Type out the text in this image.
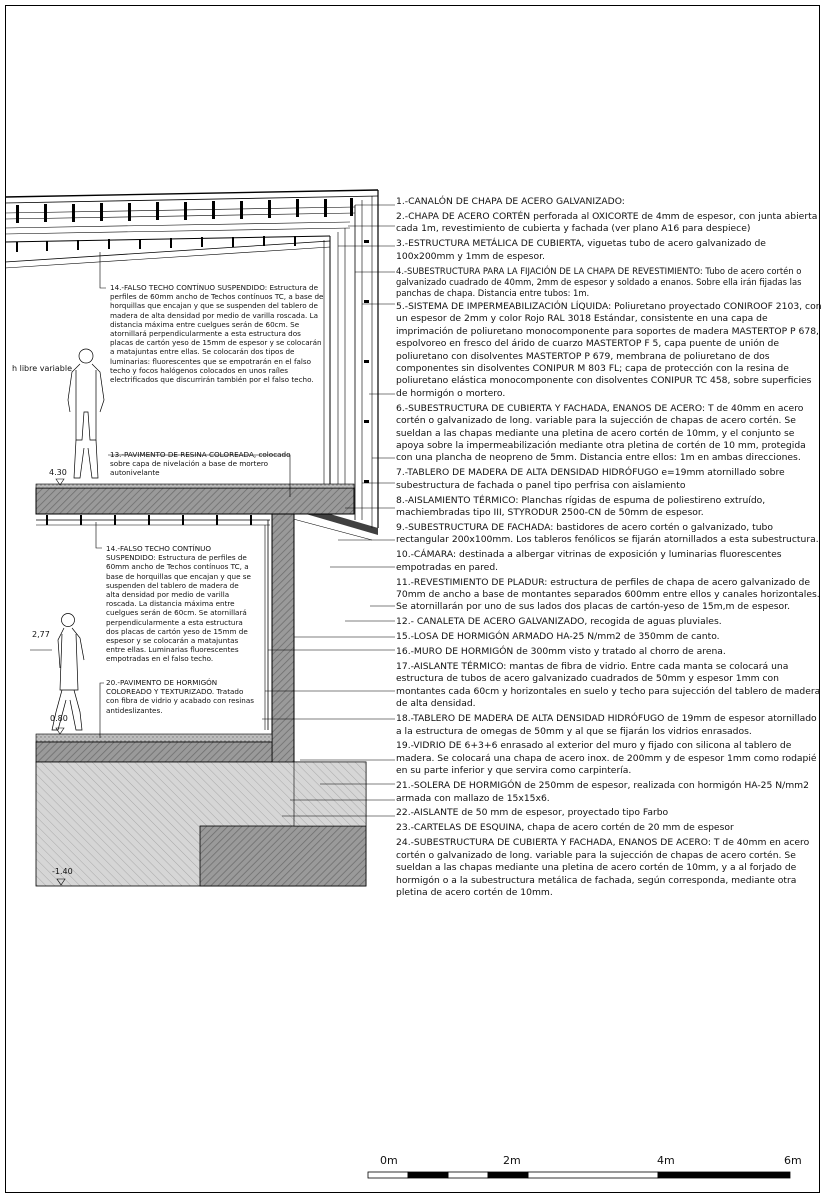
h libre variable
4.30
2,77
0.80
-1.40
14.-FALSO TECHO CONTÍNUO SUSPENDIDO: Estructura de perfiles de 60mm ancho de Techos contínuos TC, a base de horquillas que encajan y que se suspenden del tablero de madera de alta densidad por medio de varilla roscada. La distancia máxima entre cuelgues serán de 60cm. Se atornillará perpendicularmente a esta estructura dos placas de cartón yeso de 15mm de espesor y se colocarán a matajuntas entre ellas. Se colocarán dos tipos de luminarias: fluorescentes que se empotrarán en el falso techo y focos halógenos colocados en unos raíles electrificados que discurrirán también por el falso techo.
13.-PAVIMENTO DE RESINA COLOREADA, colocado sobre capa de nivelación a base de mortero autonivelante
14.-FALSO TECHO CONTÍNUO SUSPENDIDO: Estructura de perfiles de 60mm ancho de Techos contínuos TC, a base de horquillas que encajan y que se suspenden del tablero de madera de alta densidad por medio de varilla roscada. La distancia máxima entre cuelgues serán de 60cm. Se atornillará perpendicularmente a esta estructura dos placas de cartón yeso de 15mm de espesor y se colocarán a matajuntas entre ellas. Luminarias fluorescentes empotradas en el falso techo.
20.-PAVIMENTO DE HORMIGÓN COLOREADO Y TEXTURIZADO. Tratado con fibra de vidrio y acabado con resinas antideslizantes.
1.-CANALÓN DE CHAPA DE ACERO GALVANIZADO:
2.-CHAPA DE ACERO CORTÉN perforada al OXICORTE de 4mm de espesor, con junta abierta cada 1m, revestimiento de cubierta y fachada (ver plano A16 para despiece)
3.-ESTRUCTURA METÁLICA DE CUBIERTA, viguetas tubo de acero galvanizado de 100x200mm y 1mm de espesor.
4.-SUBESTRUCTURA PARA LA FIJACIÓN DE LA CHAPA DE REVESTIMIENTO: Tubo de acero cortén o galvanizado cuadrado de 40mm, 2mm de espesor y soldado a enanos. Sobre ella irán fijadas las panchas de chapa. Distancia entre tubos: 1m.
5.-SISTEMA DE IMPERMEABILIZACIÓN LÍQUIDA: Poliuretano proyectado CONIROOF 2103, con un espesor de 2mm y color Rojo RAL 3018 Estándar, consistente en una capa de imprimación de poliuretano monocomponente para soportes de madera MASTERTOP P 678, espolvoreo en fresco del árido de cuarzo MASTERTOP F 5, capa puente de unión de poliuretano con disolventes MASTERTOP P 679, membrana de poliuretano de dos componentes sin disolventes CONIPUR M 803 FL; capa de protección con la resina de poliuretano elástica monocomponente con disolventes CONIPUR TC 458, sobre superficies de hormigón o mortero.
6.-SUBESTRUCTURA DE CUBIERTA Y FACHADA, ENANOS DE ACERO: T de 40mm en acero cortén o galvanizado de long. variable para la sujección de chapas de acero cortén. Se sueldan a las chapas mediante una pletina de acero cortén de 10mm, y el conjunto se apoya sobre la impermeabilización mediante otra pletina de cortén de 10 mm, protegida con una plancha de neopreno de 5mm. Distancia entre ellos: 1m en ambas direcciones.
7.-TABLERO DE MADERA DE ALTA DENSIDAD HIDRÓFUGO e=19mm atornillado sobre subestructura de fachada o panel tipo perfrisa con aislamiento
8.-AISLAMIENTO TÉRMICO: Planchas rígidas de espuma de poliestireno extruído, machiembradas tipo III, STYRODUR 2500-CN de 50mm de espesor.
9.-SUBESTRUCTURA DE FACHADA: bastidores de acero cortén o galvanizado, tubo rectangular 200x100mm. Los tableros fenólicos se fijarán atornillados a esta subestructura.
10.-CÁMARA: destinada a albergar vitrinas de exposición y luminarias fluorescentes empotradas en pared.
11.-REVESTIMIENTO DE PLADUR: estructura de perfiles de chapa de acero galvanizado de 70mm de ancho a base de montantes separados 600mm entre ellos y canales horizontales. Se atornillarán por uno de sus lados dos placas de cartón-yeso de 15m,m de espesor.
12.- CANALETA DE ACERO GALVANIZADO, recogida de aguas pluviales.
15.-LOSA DE HORMIGÓN ARMADO HA-25 N/mm2 de 350mm de canto.
16.-MURO DE HORMIGÓN de 300mm visto y tratado al chorro de arena.
17.-AISLANTE TÉRMICO: mantas de fibra de vidrio. Entre cada manta se colocará una estructura de tubos de acero galvanizado cuadrados de 50mm y espesor 1mm con montantes cada 60cm y horizontales en suelo y techo para sujección del tablero de madera de alta densidad.
18.-TABLERO DE MADERA DE ALTA DENSIDAD HIDRÓFUGO de 19mm de espesor atornillado a la estructura de omegas de 50mm y al que se fijarán los vidrios enrasados.
19.-VIDRIO DE 6+3+6 enrasado al exterior del muro y fijado con silicona al tablero de madera. Se colocará una chapa de acero inox. de 200mm y de espesor 1mm como rodapié en su parte inferior y que servira como carpintería.
21.-SOLERA DE HORMIGÓN de 250mm de espesor, realizada con hormigón HA-25 N/mm2 armada con mallazo de 15x15x6.
22.-AISLANTE de 50 mm de espesor, proyectado tipo Farbo
23.-CARTELAS DE ESQUINA, chapa de acero cortén de 20 mm de espesor
24.-SUBESTRUCTURA DE CUBIERTA Y FACHADA, ENANOS DE ACERO: T de 40mm en acero cortén o galvanizado de long. variable para la sujección de chapas de acero cortén. Se sueldan a las chapas mediante una pletina de acero cortén de 10mm, y a al forjado de hormigón o a la subestructura metálica de fachada, según corresponda, mediante otra pletina de acero cortén de 10mm.
0m	2m	4m	6m
